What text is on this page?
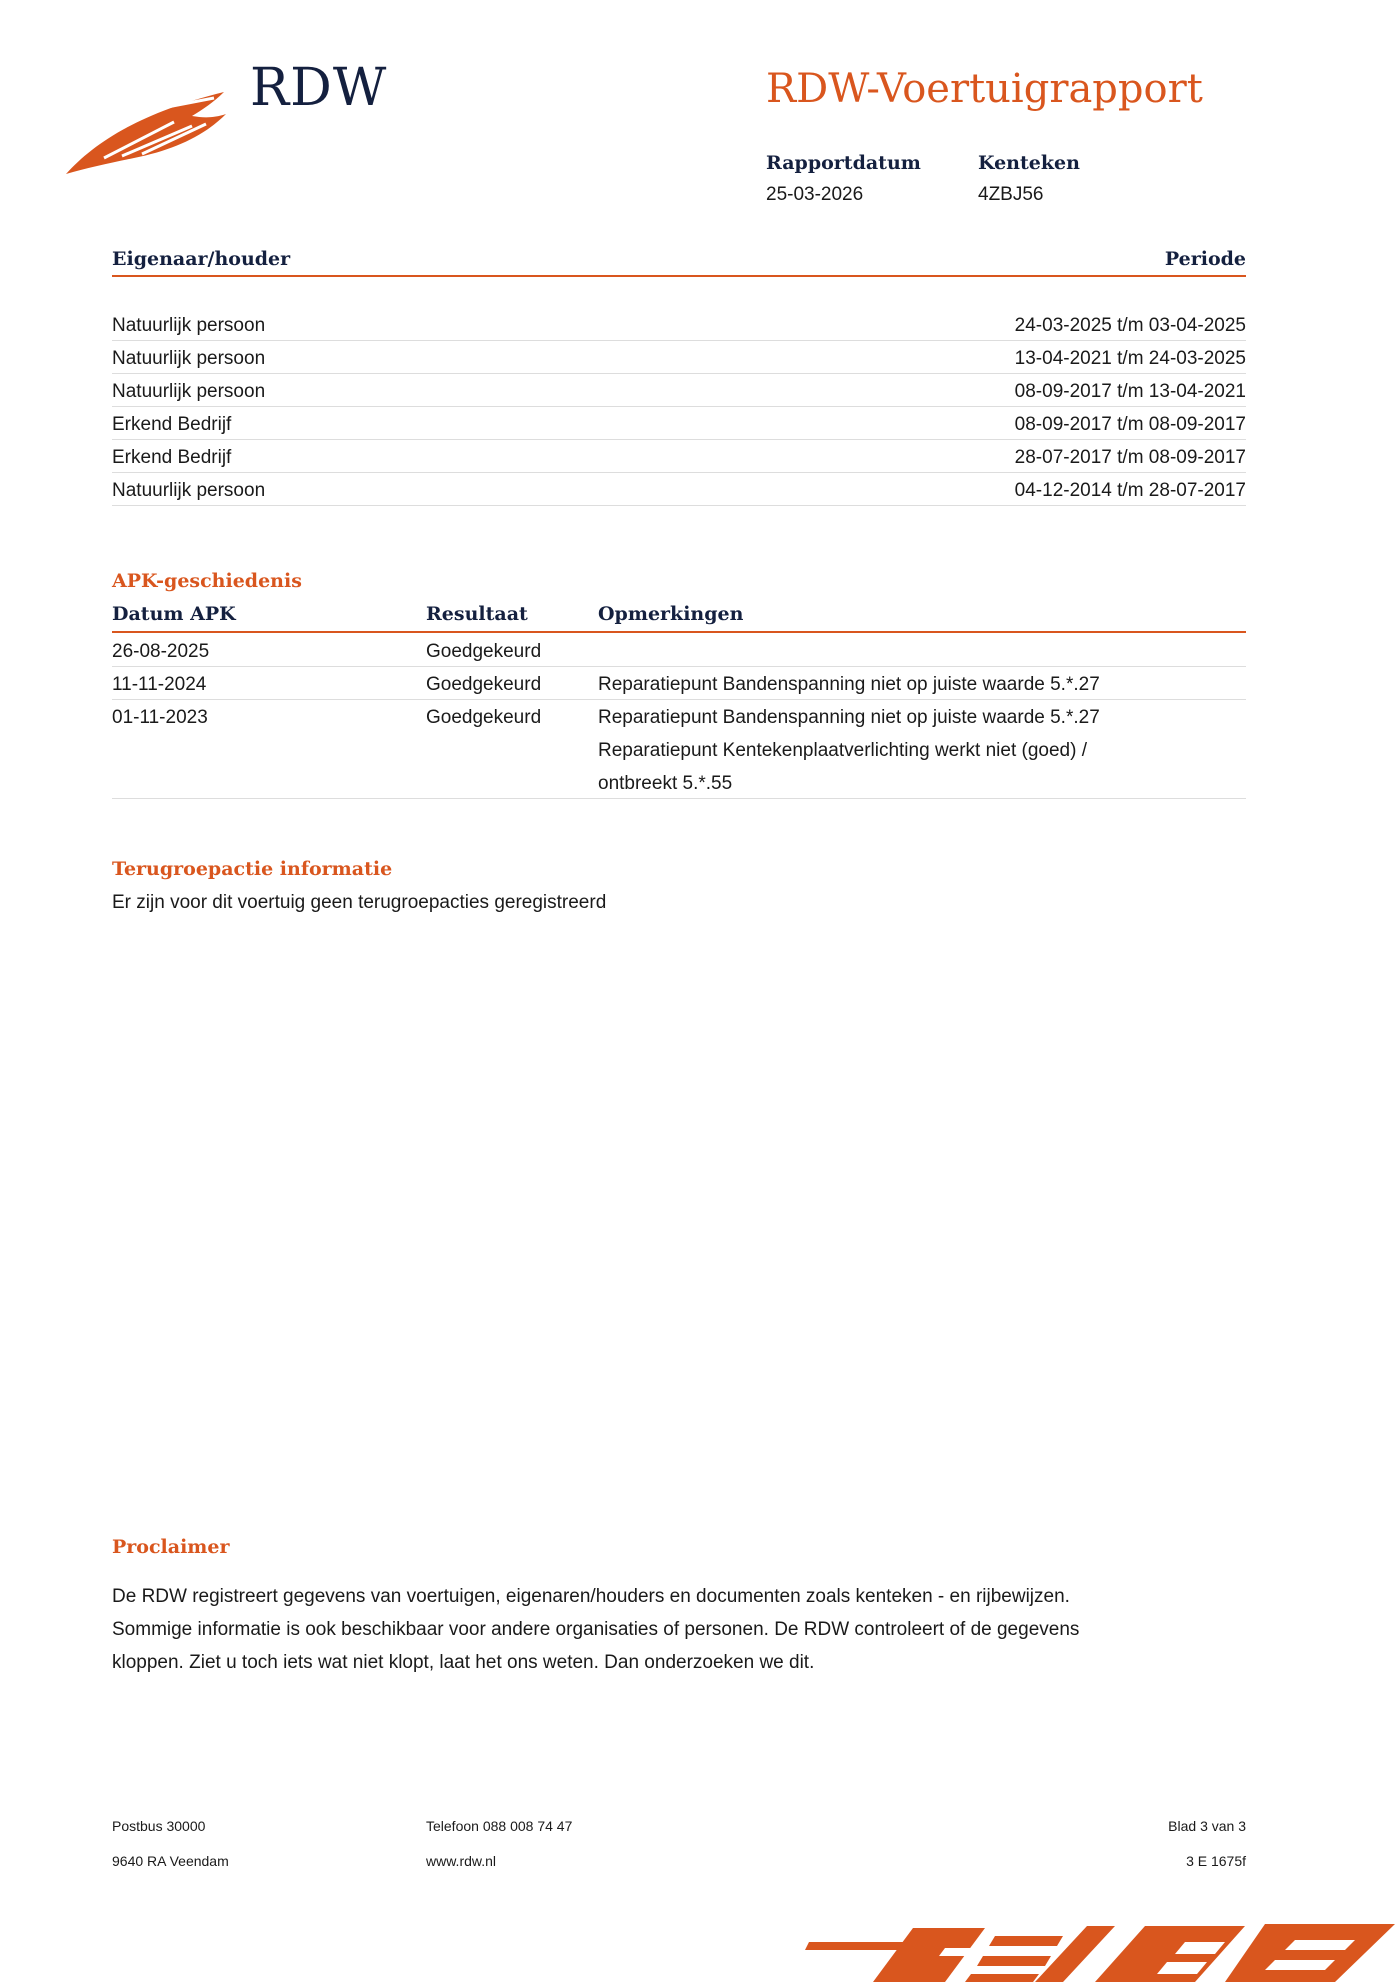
RDW	RDW-Voertuigrapport
Rapportdatum
25-03-2026
Kenteken
4ZBJ56
Eigenaar/houder	Periode
Natuurlijk persoon	24-03-2025 t/m 03-04-2025
Natuurlijk persoon	13-04-2021 t/m 24-03-2025
Natuurlijk persoon	08-09-2017 t/m 13-04-2021
Erkend Bedrijf	08-09-2017 t/m 08-09-2017
Erkend Bedrijf	28-07-2017 t/m 08-09-2017
Natuurlijk persoon	04-12-2014 t/m 28-07-2017
APK-geschiedenis
Datum APK	Resultaat	Opmerkingen
26-08-2025	Goedgekeurd
11-11-2024	Goedgekeurd	Reparatiepunt Bandenspanning niet op juiste waarde 5.*.27
01-11-2023	Goedgekeurd	Reparatiepunt Bandenspanning niet op juiste waarde 5.*.27
Reparatiepunt Kentekenplaatverlichting werkt niet (goed) /
ontbreekt 5.*.55
Terugroepactie informatie
Er zijn voor dit voertuig geen terugroepacties geregistreerd
Proclaimer
De RDW registreert gegevens van voertuigen, eigenaren/houders en documenten zoals kenteken - en rijbewijzen.
Sommige informatie is ook beschikbaar voor andere organisaties of personen. De RDW controleert of de gegevens
kloppen. Ziet u toch iets wat niet klopt, laat het ons weten. Dan onderzoeken we dit.
Postbus 30000
9640 RA Veendam
Telefoon 088 008 74 47
www.rdw.nl
Blad 3 van 3
3 E 1675f
